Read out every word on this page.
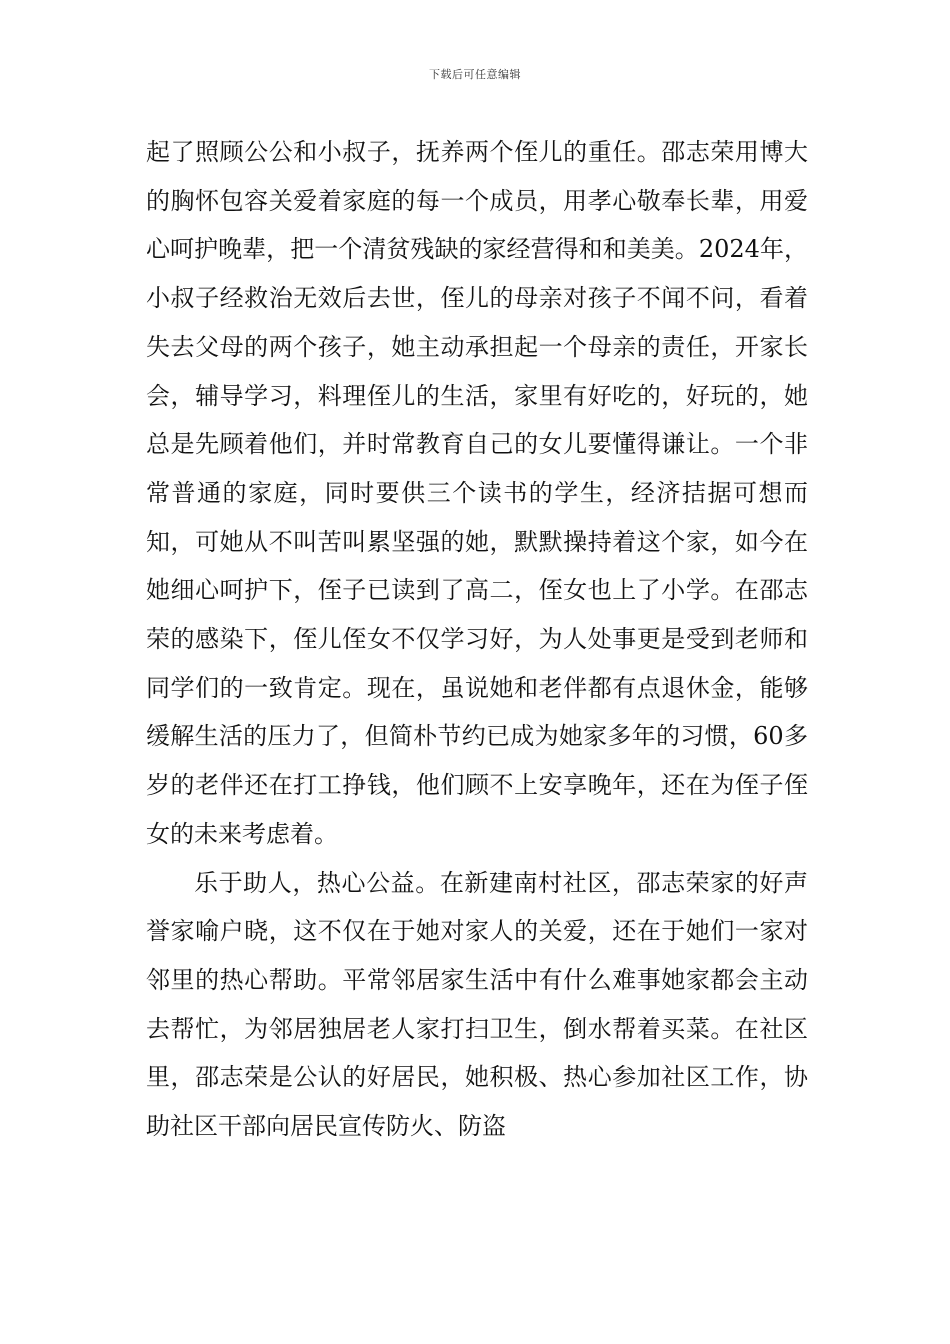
下载后可任意编辑

起了照顾公公和小叔子，抚养两个侄儿的重任。邵志荣用博大的胸怀包容关爱着家庭的每一个成员，用孝心敬奉长辈，用爱心呵护晚辈，把一个清贫残缺的家经营得和和美美。2024年，小叔子经救治无效后去世，侄儿的母亲对孩子不闻不问，看着失去父母的两个孩子，她主动承担起一个母亲的责任，开家长会，辅导学习，料理侄儿的生活，家里有好吃的，好玩的，她总是先顾着他们，并时常教育自己的女儿要懂得谦让。一个非常普通的家庭，同时要供三个读书的学生，经济拮据可想而知，可她从不叫苦叫累坚强的她，默默操持着这个家，如今在她细心呵护下，侄子已读到了高二，侄女也上了小学。在邵志荣的感染下，侄儿侄女不仅学习好，为人处事更是受到老师和同学们的一致肯定。现在，虽说她和老伴都有点退休金，能够缓解生活的压力了，但简朴节约已成为她家多年的习惯，60多岁的老伴还在打工挣钱，他们顾不上安享晚年，还在为侄子侄女的未来考虑着。

乐于助人，热心公益。在新建南村社区，邵志荣家的好声誉家喻户晓，这不仅在于她对家人的关爱，还在于她们一家对邻里的热心帮助。平常邻居家生活中有什么难事她家都会主动去帮忙，为邻居独居老人家打扫卫生，倒水帮着买菜。在社区里，邵志荣是公认的好居民，她积极、热心参加社区工作，协助社区干部向居民宣传防火、防盗
